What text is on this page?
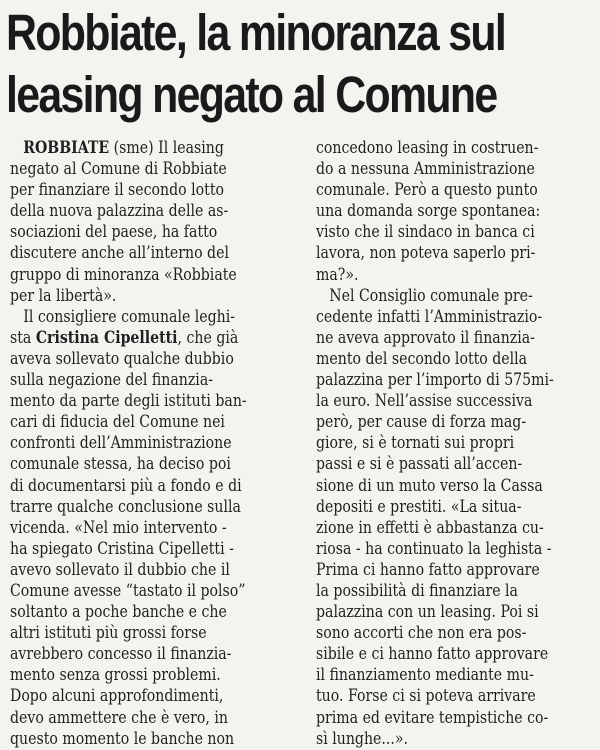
Robbiate, la minoranza sul
leasing negato al Comune
ROBBIATE (sme) Il leasing
negato al Comune di Robbiate
per finanziare il secondo lotto
della nuova palazzina delle as-
sociazioni del paese, ha fatto
discutere anche all’interno del
gruppo di minoranza «Robbiate
per la libertà».
Il consigliere comunale leghi-
sta Cristina Cipelletti, che già
aveva sollevato qualche dubbio
sulla negazione del finanzia-
mento da parte degli istituti ban-
cari di fiducia del Comune nei
confronti dell’Amministrazione
comunale stessa, ha deciso poi
di documentarsi più a fondo e di
trarre qualche conclusione sulla
vicenda. «Nel mio intervento -
ha spiegato Cristina Cipelletti -
avevo sollevato il dubbio che il
Comune avesse “tastato il polso”
soltanto a poche banche e che
altri istituti più grossi forse
avrebbero concesso il finanzia-
mento senza grossi problemi.
Dopo alcuni approfondimenti,
devo ammettere che è vero, in
questo momento le banche non
concedono leasing in costruen-
do a nessuna Amministrazione
comunale. Però a questo punto
una domanda sorge spontanea:
visto che il sindaco in banca ci
lavora, non poteva saperlo pri-
ma?».
Nel Consiglio comunale pre-
cedente infatti l’Amministrazio-
ne aveva approvato il finanzia-
mento del secondo lotto della
palazzina per l’importo di 575mi-
la euro. Nell’assise successiva
però, per cause di forza mag-
giore, si è tornati sui propri
passi e si è passati all’accen-
sione di un muto verso la Cassa
depositi e prestiti. «La situa-
zione in effetti è abbastanza cu-
riosa - ha continuato la leghista -
Prima ci hanno fatto approvare
la possibilità di finanziare la
palazzina con un leasing. Poi si
sono accorti che non era pos-
sibile e ci hanno fatto approvare
il finanziamento mediante mu-
tuo. Forse ci si poteva arrivare
prima ed evitare tempistiche co-
sì lunghe...».
